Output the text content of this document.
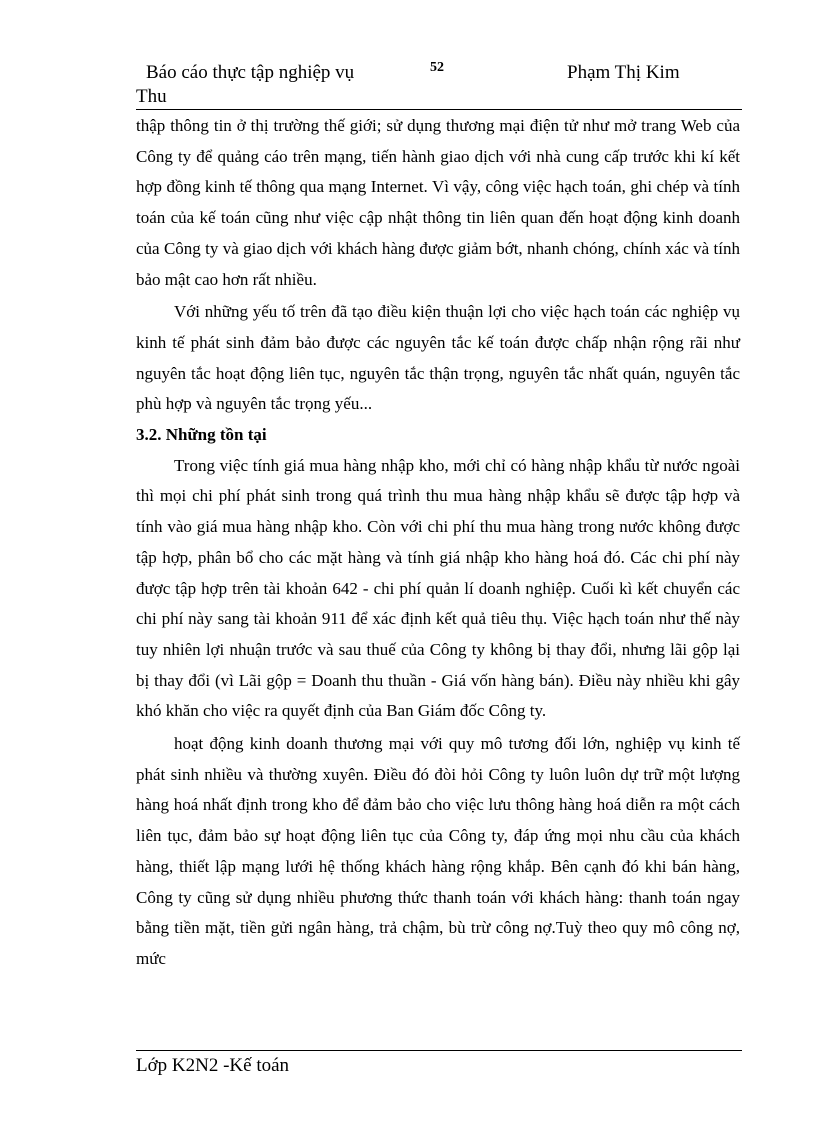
Báo cáo thực tập nghiệp vụ	52	Phạm Thị Kim
Thu

thập thông tin ở thị trường thế giới; sử dụng thương mại điện tử như mở trang Web của Công ty để quảng cáo trên mạng, tiến hành giao dịch với nhà cung cấp trước khi kí kết hợp đồng kinh tế thông qua mạng Internet. Vì vậy, công việc hạch toán, ghi chép và tính toán của kế toán cũng như việc cập nhật thông tin liên quan đến hoạt động kinh doanh của Công ty và giao dịch với khách hàng được giảm bớt, nhanh chóng, chính xác và tính bảo mật cao hơn rất nhiều.

Với những yếu tố trên đã tạo điều kiện thuận lợi cho việc hạch toán các nghiệp vụ kinh tế phát sinh đảm bảo được các nguyên tắc kế toán được chấp nhận rộng rãi như nguyên tắc hoạt động liên tục, nguyên tắc thận trọng, nguyên tắc nhất quán, nguyên tắc phù hợp và nguyên tắc trọng yếu...

3.2. Những tồn tại

Trong việc tính giá mua hàng nhập kho, mới chỉ có hàng nhập khẩu từ nước ngoài thì mọi chi phí phát sinh trong quá trình thu mua hàng nhập khẩu sẽ được tập hợp và tính vào giá mua hàng nhập kho. Còn với chi phí thu mua hàng trong nước không được tập hợp, phân bổ cho các mặt hàng và tính giá nhập kho hàng hoá đó. Các chi phí này được tập hợp trên tài khoản 642 - chi phí quản lí doanh nghiệp. Cuối kì kết chuyển các chi phí này sang tài khoản 911 để xác định kết quả tiêu thụ. Việc hạch toán như thế này tuy nhiên lợi nhuận trước và sau thuế của Công ty không bị thay đổi, nhưng lãi gộp lại bị thay đổi (vì Lãi gộp = Doanh thu thuần - Giá vốn hàng bán). Điều này nhiều khi gây khó khăn cho việc ra quyết định của Ban Giám đốc Công ty.

hoạt động kinh doanh thương mại với quy mô tương đối lớn, nghiệp vụ kinh tế phát sinh nhiều và thường xuyên. Điều đó đòi hỏi Công ty luôn luôn dự trữ một lượng hàng hoá nhất định trong kho để đảm bảo cho việc lưu thông hàng hoá diễn ra một cách liên tục, đảm bảo sự hoạt động liên tục của Công ty, đáp ứng mọi nhu cầu của khách hàng, thiết lập mạng lưới hệ thống khách hàng rộng khắp. Bên cạnh đó khi bán hàng, Công ty cũng sử dụng nhiều phương thức thanh toán với khách hàng: thanh toán ngay bằng tiền mặt, tiền gửi ngân hàng, trả chậm, bù trừ công nợ.Tuỳ theo quy mô công nợ, mức

Lớp K2N2 -Kế toán
